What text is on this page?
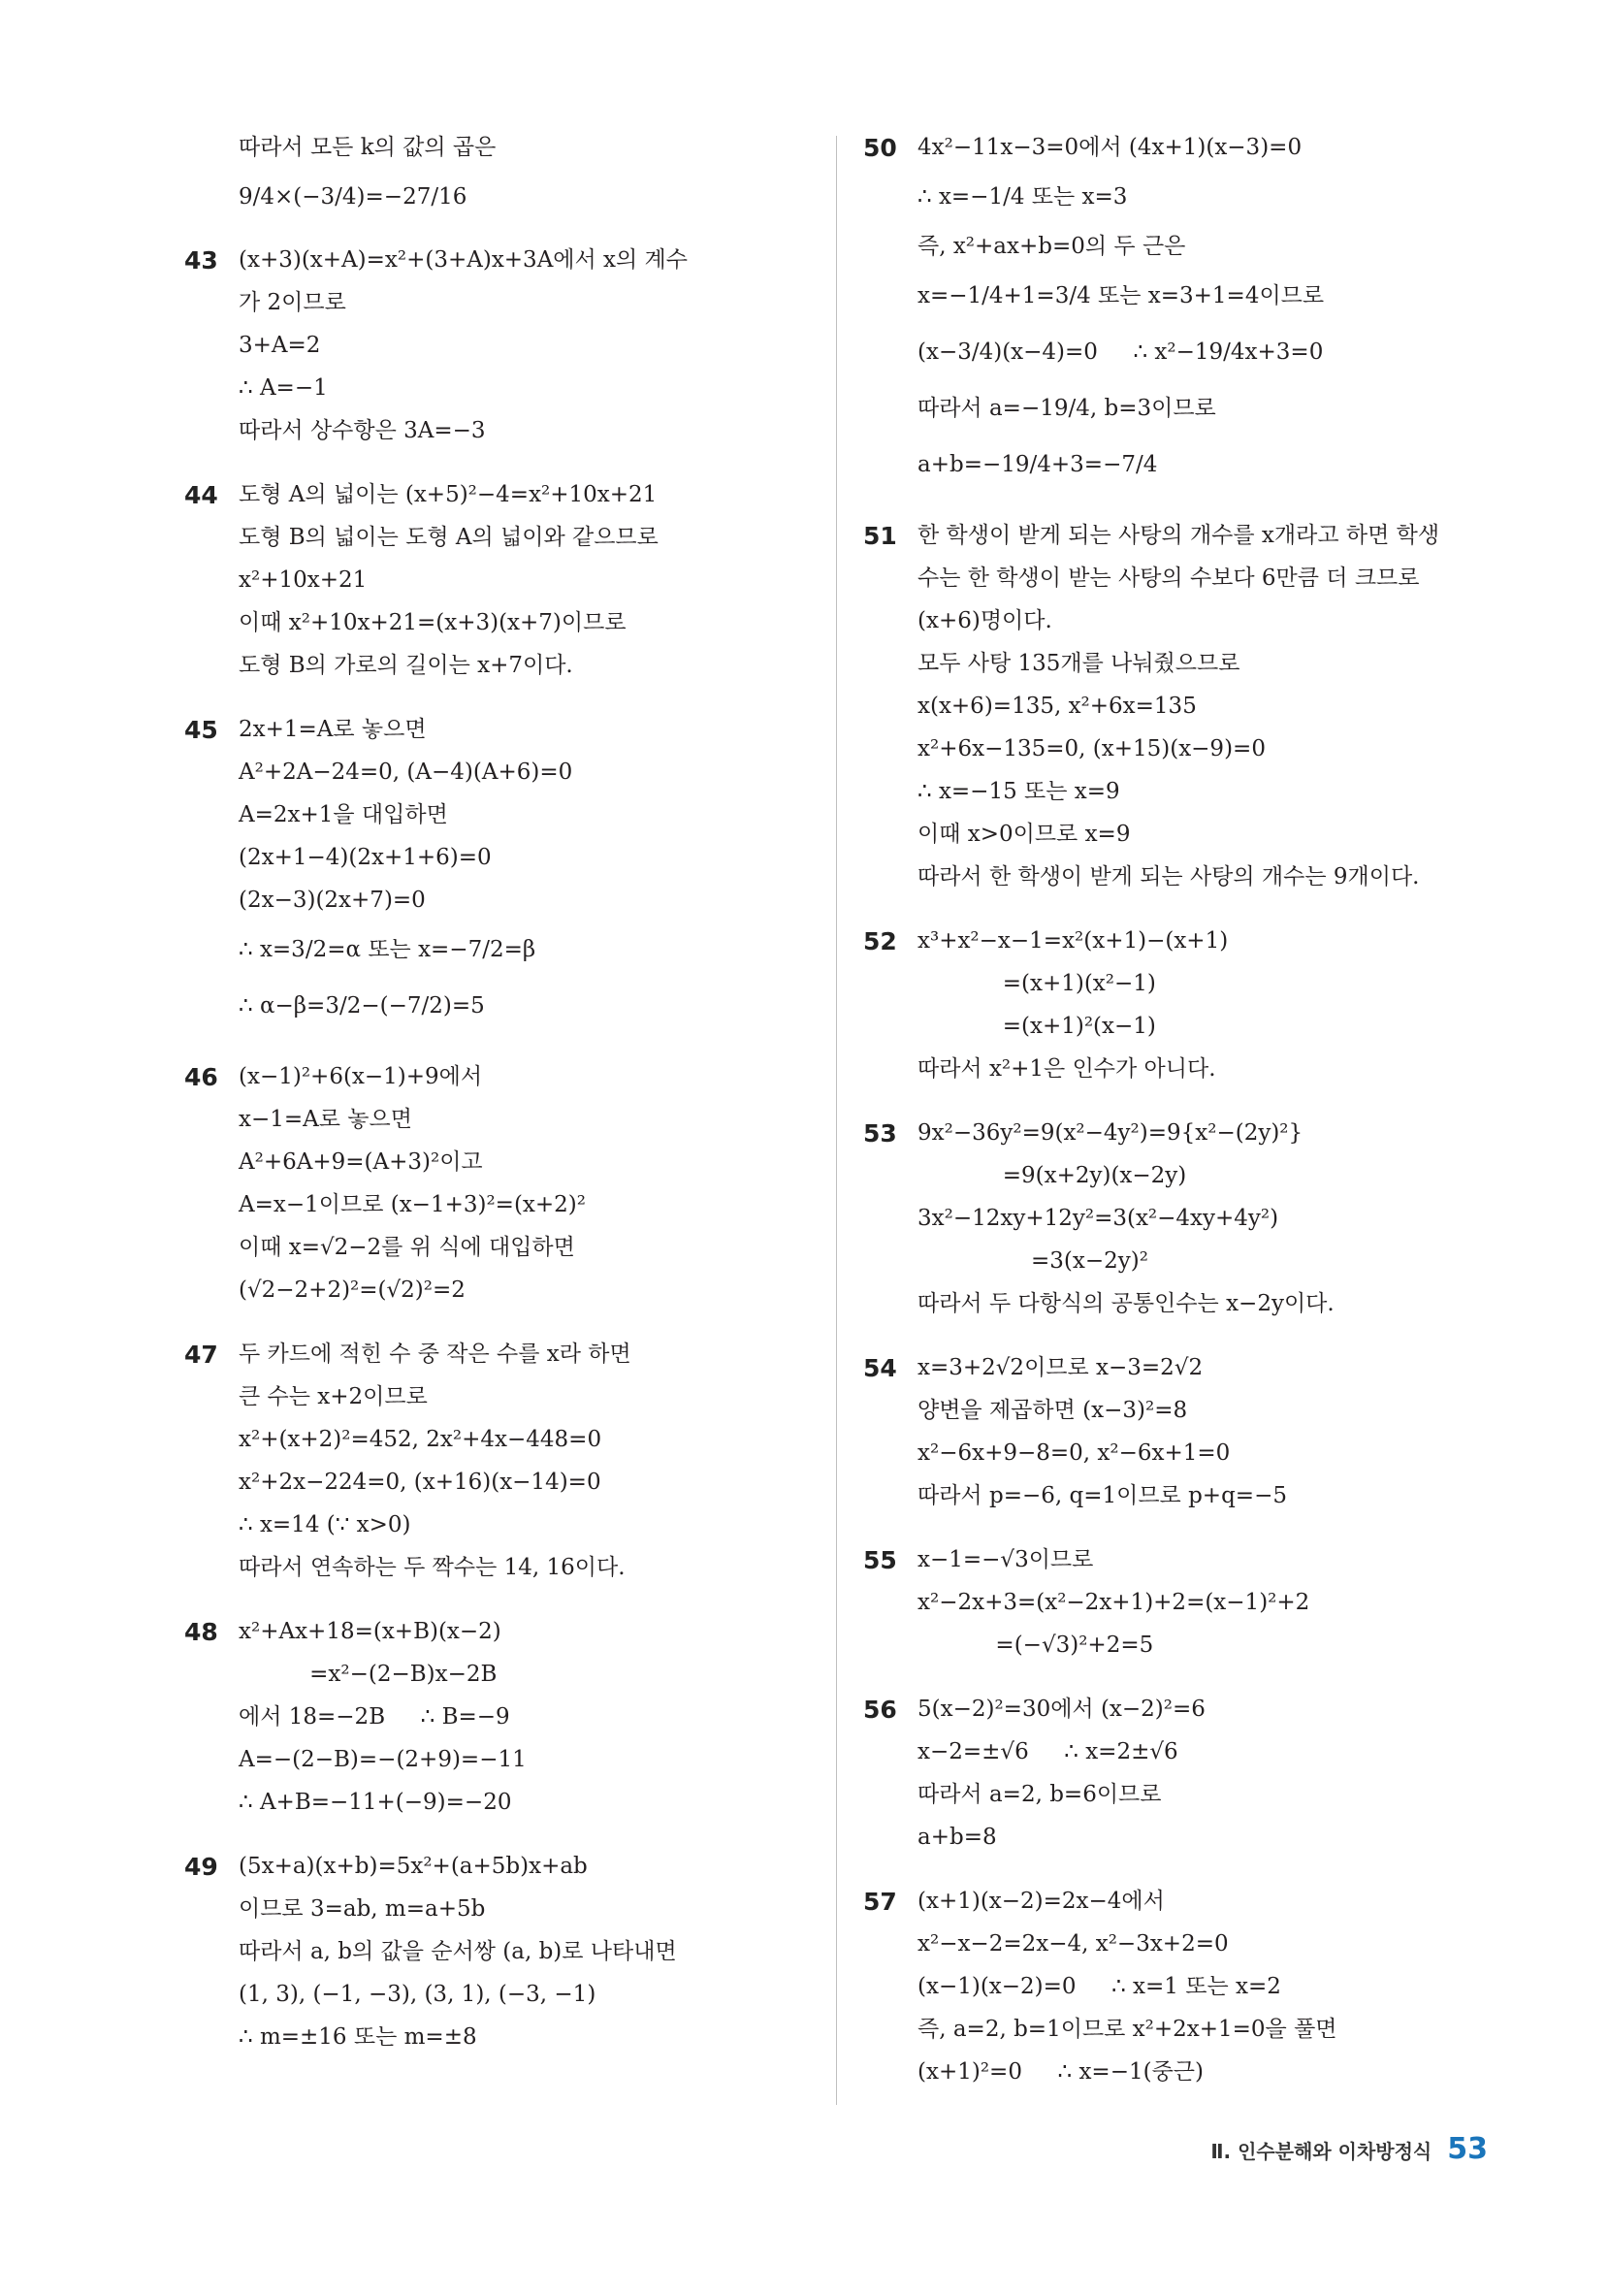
따라서 모든 k의 값의 곱은
9/4×(−3/4)=−27/16
43 (x+3)(x+A)=x²+(3+A)x+3A에서 x의 계수
가 2이므로
3+A=2
∴ A=−1
따라서 상수항은 3A=−3
44 도형 A의 넓이는 (x+5)²−4=x²+10x+21
도형 B의 넓이는 도형 A의 넓이와 같으므로
x²+10x+21
이때 x²+10x+21=(x+3)(x+7)이므로
도형 B의 가로의 길이는 x+7이다.
45 2x+1=A로 놓으면
A²+2A−24=0, (A−4)(A+6)=0
A=2x+1을 대입하면
(2x+1−4)(2x+1+6)=0
(2x−3)(2x+7)=0
∴ x=3/2=α 또는 x=−7/2=β
∴ α−β=3/2−(−7/2)=5
46 (x−1)²+6(x−1)+9에서
x−1=A로 놓으면
A²+6A+9=(A+3)²이고
A=x−1이므로 (x−1+3)²=(x+2)²
이때 x=√2−2를 위 식에 대입하면
(√2−2+2)²=(√2)²=2
47 두 카드에 적힌 수 중 작은 수를 x라 하면
큰 수는 x+2이므로
x²+(x+2)²=452, 2x²+4x−448=0
x²+2x−224=0, (x+16)(x−14)=0
∴ x=14 (∵ x>0)
따라서 연속하는 두 짝수는 14, 16이다.
48 x²+Ax+18=(x+B)(x−2)
=x²−(2−B)x−2B
에서 18=−2B     ∴ B=−9
A=−(2−B)=−(2+9)=−11
∴ A+B=−11+(−9)=−20
49 (5x+a)(x+b)=5x²+(a+5b)x+ab
이므로 3=ab, m=a+5b
따라서 a, b의 값을 순서쌍 (a, b)로 나타내면
(1, 3), (−1, −3), (3, 1), (−3, −1)
∴ m=±16 또는 m=±8
50 4x²−11x−3=0에서 (4x+1)(x−3)=0
∴ x=−1/4 또는 x=3
즉, x²+ax+b=0의 두 근은
x=−1/4+1=3/4 또는 x=3+1=4이므로
(x−3/4)(x−4)=0     ∴ x²−19/4x+3=0
따라서 a=−19/4, b=3이므로
a+b=−19/4+3=−7/4
51 한 학생이 받게 되는 사탕의 개수를 x개라고 하면 학생
수는 한 학생이 받는 사탕의 수보다 6만큼 더 크므로
(x+6)명이다.
모두 사탕 135개를 나눠줬으므로
x(x+6)=135, x²+6x=135
x²+6x−135=0, (x+15)(x−9)=0
∴ x=−15 또는 x=9
이때 x>0이므로 x=9
따라서 한 학생이 받게 되는 사탕의 개수는 9개이다.
52 x³+x²−x−1=x²(x+1)−(x+1)
=(x+1)(x²−1)
=(x+1)²(x−1)
따라서 x²+1은 인수가 아니다.
53 9x²−36y²=9(x²−4y²)=9{x²−(2y)²}
=9(x+2y)(x−2y)
3x²−12xy+12y²=3(x²−4xy+4y²)
=3(x−2y)²
따라서 두 다항식의 공통인수는 x−2y이다.
54 x=3+2√2이므로 x−3=2√2
양변을 제곱하면 (x−3)²=8
x²−6x+9−8=0, x²−6x+1=0
따라서 p=−6, q=1이므로 p+q=−5
55 x−1=−√3이므로
x²−2x+3=(x²−2x+1)+2=(x−1)²+2
=(−√3)²+2=5
56 5(x−2)²=30에서 (x−2)²=6
x−2=±√6     ∴ x=2±√6
따라서 a=2, b=6이므로
a+b=8
57 (x+1)(x−2)=2x−4에서
x²−x−2=2x−4, x²−3x+2=0
(x−1)(x−2)=0     ∴ x=1 또는 x=2
즉, a=2, b=1이므로 x²+2x+1=0을 풀면
(x+1)²=0     ∴ x=−1(중근)
Ⅱ. 인수분해와 이차방정식 53
